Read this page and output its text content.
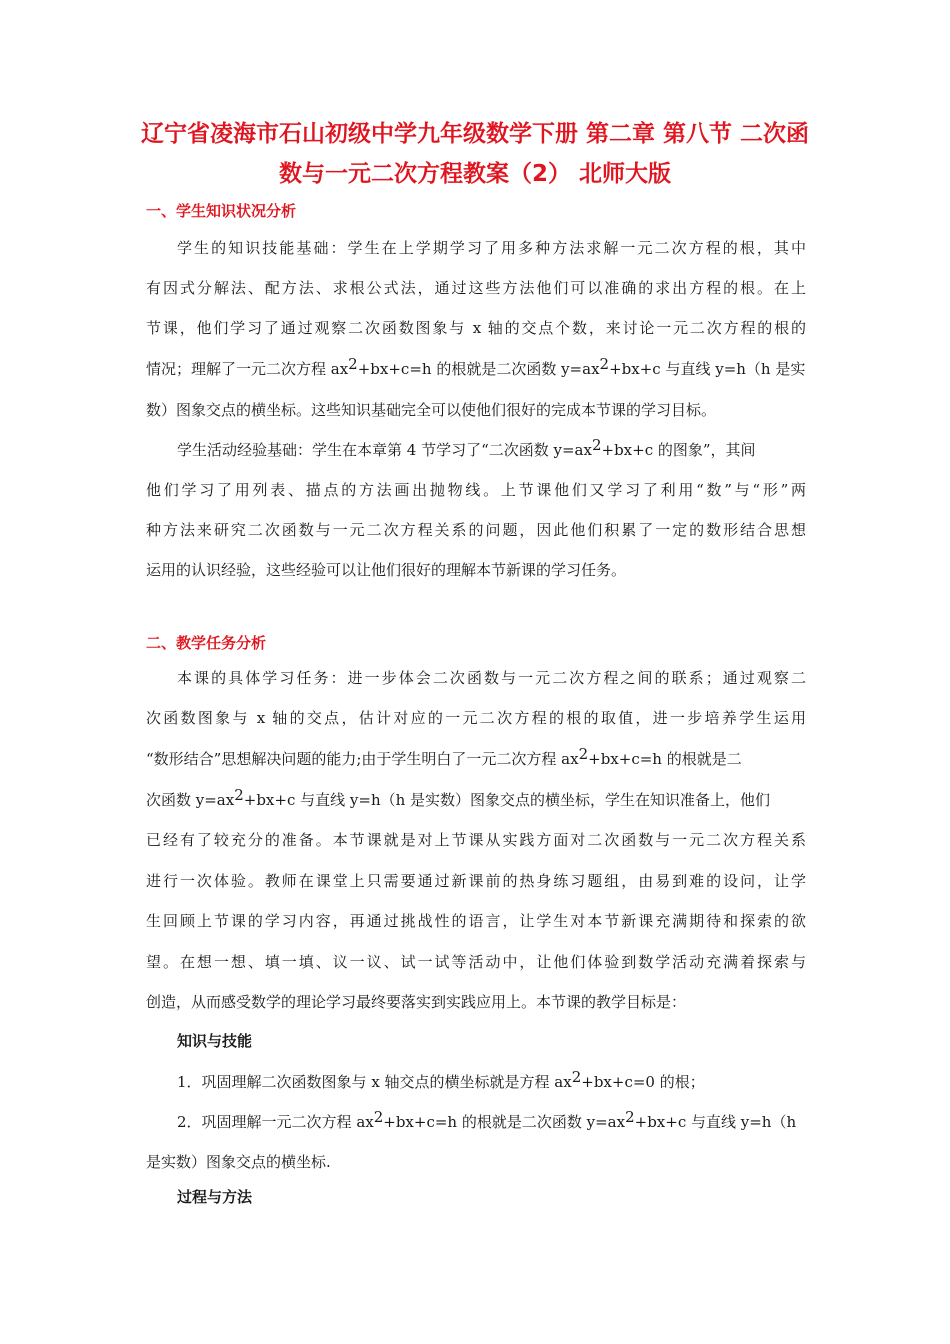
辽宁省凌海市石山初级中学九年级数学下册 第二章 第八节 二次函
数与一元二次方程教案（2） 北师大版
一、学生知识状况分析
学生的知识技能基础：学生在上学期学习了用多种方法求解一元二次方程的根，其中
有因式分解法、配方法、求根公式法，通过这些方法他们可以准确的求出方程的根。在上
节课，他们学习了通过观察二次函数图象与 x 轴的交点个数，来讨论一元二次方程的根的
情况；理解了一元二次方程 $ax^2+bx+c=h$ 的根就是二次函数 $y=ax^2+bx+c$ 与直线 y=h（h 是实
数）图象交点的横坐标。这些知识基础完全可以使他们很好的完成本节课的学习目标。
学生活动经验基础：学生在本章第 4 节学习了“二次函数 $y=ax^2+bx+c$ 的图象”，其间
他们学习了用列表、描点的方法画出抛物线。上节课他们又学习了利用“数”与“形”两
种方法来研究二次函数与一元二次方程关系的问题，因此他们积累了一定的数形结合思想
运用的认识经验，这些经验可以让他们很好的理解本节新课的学习任务。
二、教学任务分析
本课的具体学习任务：进一步体会二次函数与一元二次方程之间的联系；通过观察二
次函数图象与 x 轴的交点，估计对应的一元二次方程的根的取值，进一步培养学生运用
“数形结合”思想解决问题的能力;由于学生明白了一元二次方程 $ax^2+bx+c=h$ 的根就是二
次函数 $y=ax^2+bx+c$ 与直线 y=h（h 是实数）图象交点的横坐标，学生在知识准备上，他们
已经有了较充分的准备。本节课就是对上节课从实践方面对二次函数与一元二次方程关系
进行一次体验。教师在课堂上只需要通过新课前的热身练习题组，由易到难的设问，让学
生回顾上节课的学习内容，再通过挑战性的语言，让学生对本节新课充满期待和探索的欲
望。在想一想、填一填、议一议、试一试等活动中，让他们体验到数学活动充满着探索与
创造，从而感受数学的理论学习最终要落实到实践应用上。本节课的教学目标是：
知识与技能
1．巩固理解二次函数图象与 x 轴交点的横坐标就是方程 $ax^2+bx+c=0$ 的根；
2．巩固理解一元二次方程 $ax^2+bx+c=h$ 的根就是二次函数 $y=ax^2+bx+c$ 与直线 y=h（h
是实数）图象交点的横坐标.
过程与方法
